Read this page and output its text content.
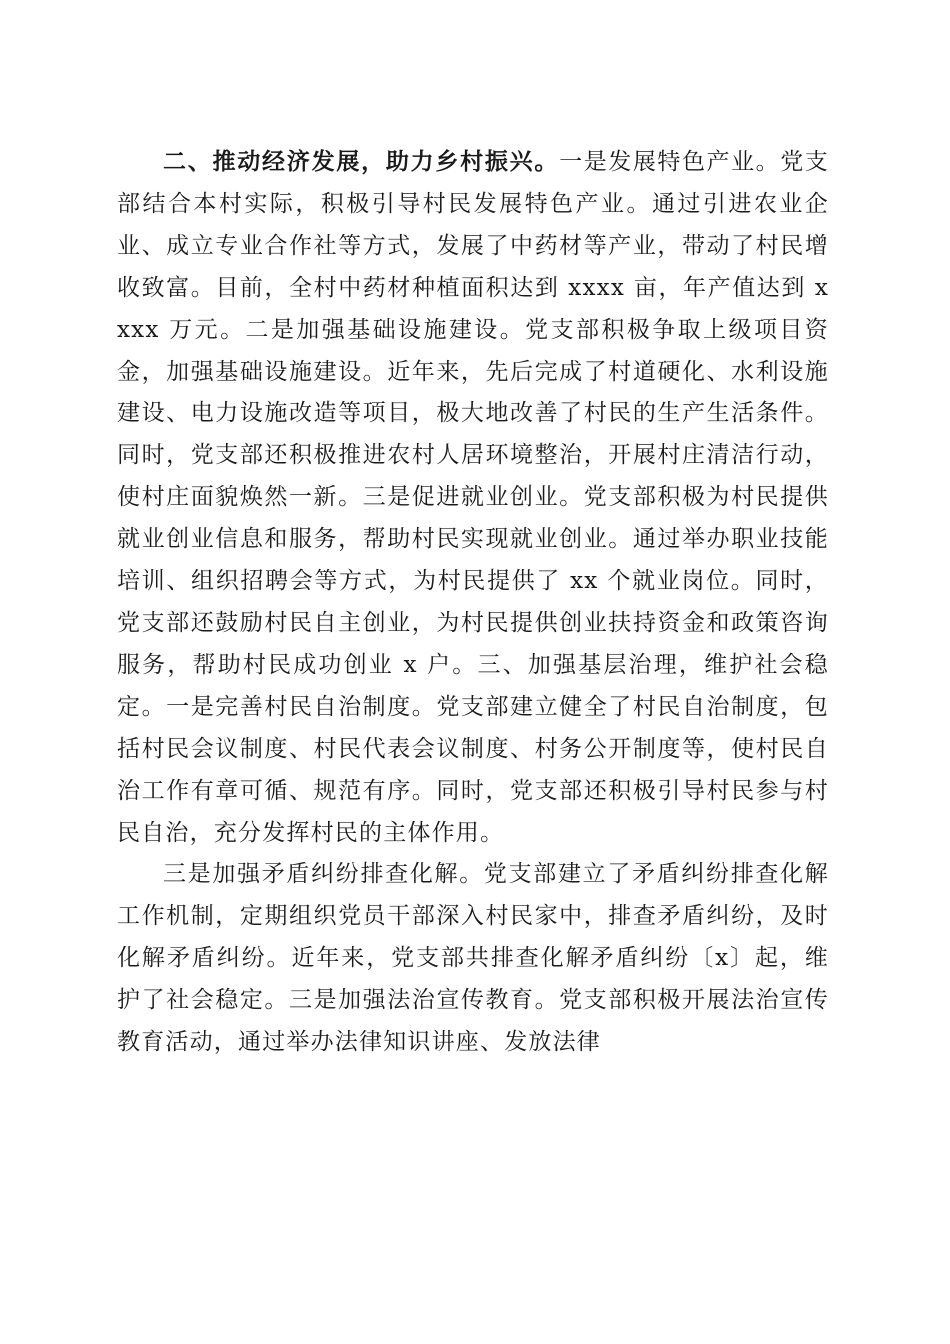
二、推动经济发展，助力乡村振兴。一是发展特色产业。党支部结合本村实际，积极引导村民发展特色产业。通过引进农业企业、成立专业合作社等方式，发展了中药材等产业，带动了村民增收致富。目前，全村中药材种植面积达到 xxxx 亩，年产值达到 xxxx 万元。二是加强基础设施建设。党支部积极争取上级项目资金，加强基础设施建设。近年来，先后完成了村道硬化、水利设施建设、电力设施改造等项目，极大地改善了村民的生产生活条件。同时，党支部还积极推进农村人居环境整治，开展村庄清洁行动，使村庄面貌焕然一新。三是促进就业创业。党支部积极为村民提供就业创业信息和服务，帮助村民实现就业创业。通过举办职业技能培训、组织招聘会等方式，为村民提供了 xx 个就业岗位。同时，党支部还鼓励村民自主创业，为村民提供创业扶持资金和政策咨询服务，帮助村民成功创业 x 户。三、加强基层治理，维护社会稳定。一是完善村民自治制度。党支部建立健全了村民自治制度，包括村民会议制度、村民代表会议制度、村务公开制度等，使村民自治工作有章可循、规范有序。同时，党支部还积极引导村民参与村民自治，充分发挥村民的主体作用。

三是加强矛盾纠纷排查化解。党支部建立了矛盾纠纷排查化解工作机制，定期组织党员干部深入村民家中，排查矛盾纠纷，及时化解矛盾纠纷。近年来，党支部共排查化解矛盾纠纷〔x〕起，维护了社会稳定。三是加强法治宣传教育。党支部积极开展法治宣传教育活动，通过举办法律知识讲座、发放法律
